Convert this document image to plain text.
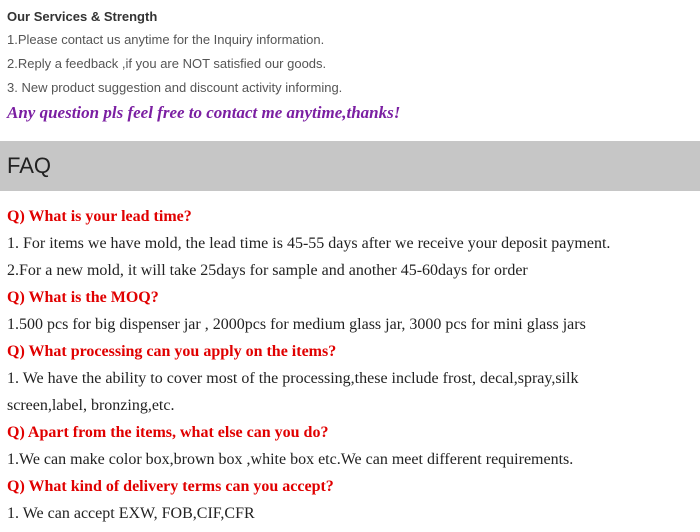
Our Services & Strength
1.Please contact us anytime for the Inquiry information.
2.Reply a feedback ,if you are NOT satisfied our goods.
3. New product suggestion and discount activity informing.
Any question pls feel free to contact me anytime,thanks!
FAQ
Q) What is your lead time?
1. For items we have mold, the lead time is 45-55 days after we receive your deposit payment.
2.For a new mold, it will take 25days for sample and another 45-60days for order
Q) What is the MOQ?
1.500 pcs for big dispenser jar , 2000pcs for medium glass jar, 3000 pcs for mini glass jars
Q) What processing can you apply on the items?
1. We have the ability to cover most of the processing,these include frost, decal,spray,silk
screen,label, bronzing,etc.
Q) Apart from the items, what else can you do?
1.We can make color box,brown box ,white box etc.We can meet different requirements.
Q) What kind of delivery terms can you accept?
1. We can accept EXW, FOB,CIF,CFR
